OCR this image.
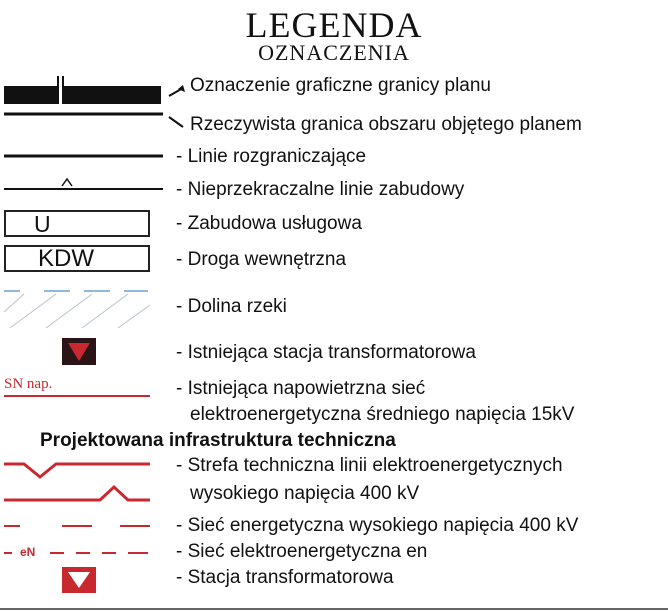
LEGENDA
OZNACZENIA
U
KDW
SN nap.
eN
Oznaczenie graficzne granicy planu
Rzeczywista granica obszaru objętego planem
- Linie rozgraniczające
- Nieprzekraczalne linie zabudowy
- Zabudowa usługowa
- Droga wewnętrzna
- Dolina rzeki
- Istniejąca stacja transformatorowa
- Istniejąca napowietrzna sieć
elektroenergetyczna średniego napięcia 15kV
Projektowana infrastruktura techniczna
- Strefa techniczna linii elektroenergetycznych
wysokiego napięcia 400 kV
- Sieć energetyczna wysokiego napięcia 400 kV
- Sieć elektroenergetyczna en
- Stacja transformatorowa
